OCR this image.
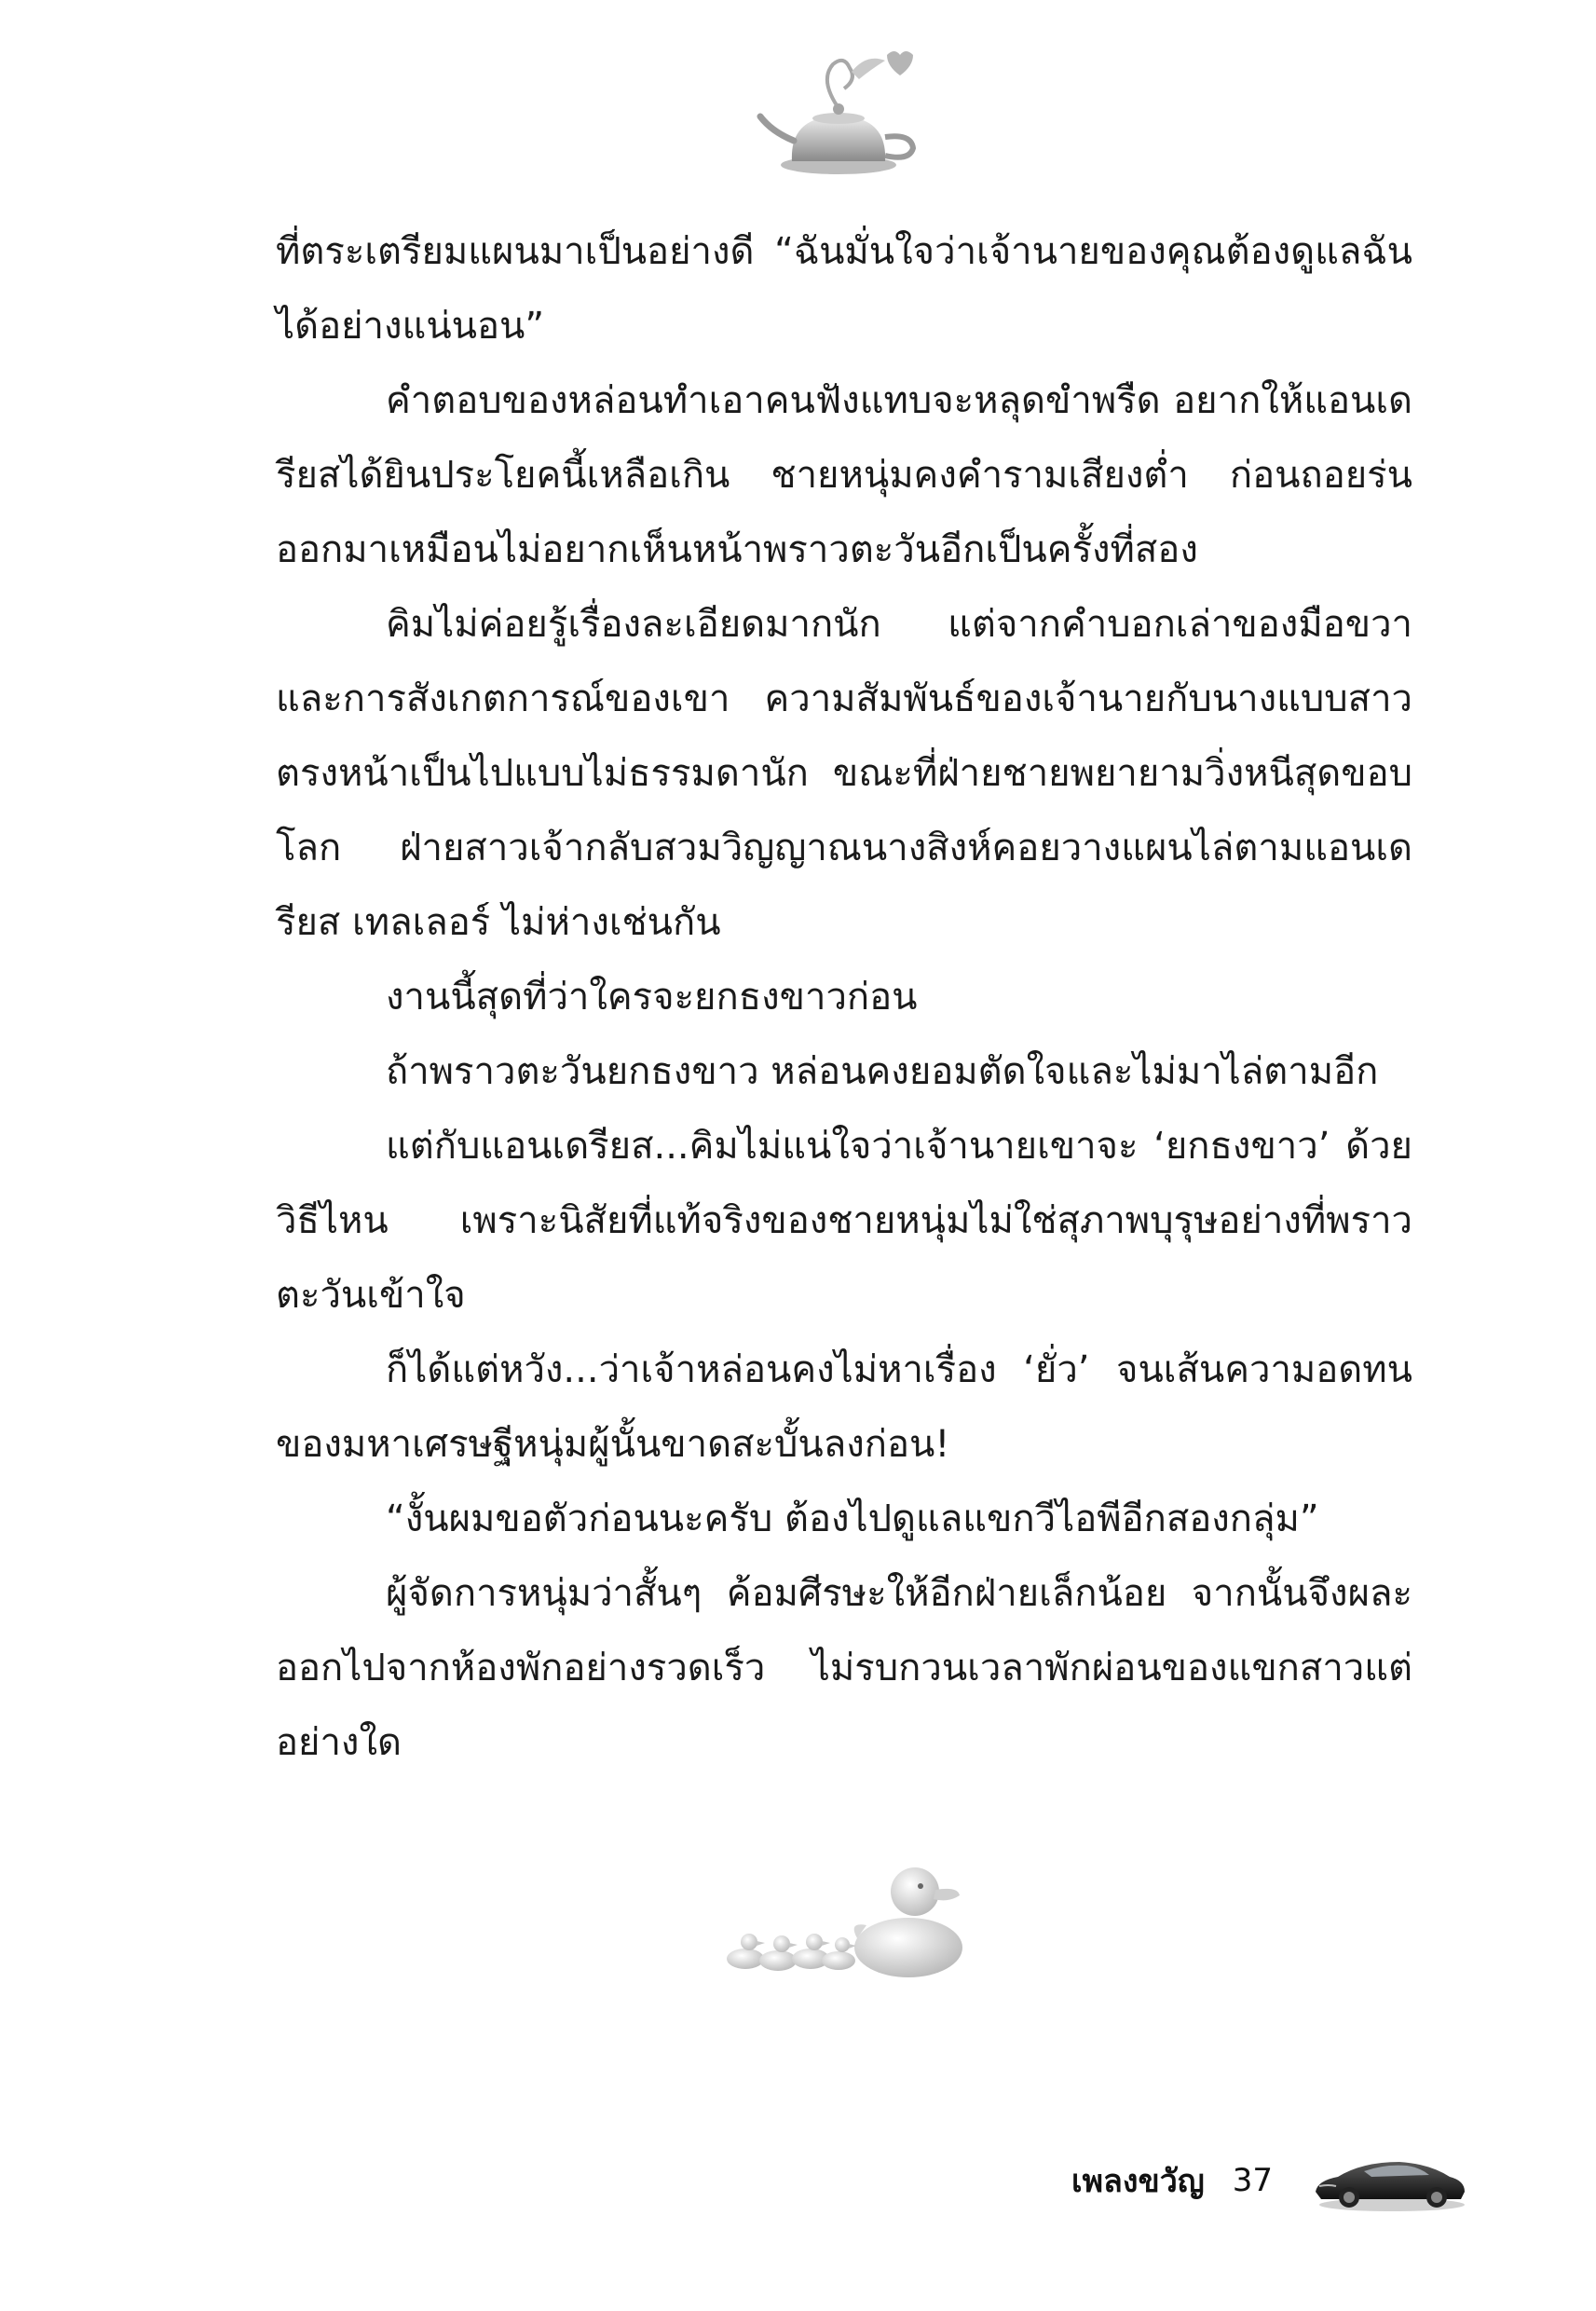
ที่ตระเตรียมแผนมาเป็นอย่างดี “ฉันมั่นใจว่าเจ้านายของคุณต้องดูแลฉันได้อย่างแน่นอน”

คำตอบของหล่อนทำเอาคนฟังแทบจะหลุดขำพรืด อยากให้แอนเดรียสได้ยินประโยคนี้เหลือเกิน ชายหนุ่มคงคำรามเสียงต่ำ ก่อนถอยร่นออกมาเหมือนไม่อยากเห็นหน้าพราวตะวันอีกเป็นครั้งที่สอง

คิมไม่ค่อยรู้เรื่องละเอียดมากนัก แต่จากคำบอกเล่าของมือขวาและการสังเกตการณ์ของเขา ความสัมพันธ์ของเจ้านายกับนางแบบสาวตรงหน้าเป็นไปแบบไม่ธรรมดานัก ขณะที่ฝ่ายชายพยายามวิ่งหนีสุดขอบโลก ฝ่ายสาวเจ้ากลับสวมวิญญาณนางสิงห์คอยวางแผนไล่ตามแอนเดรียส เทลเลอร์ ไม่ห่างเช่นกัน

งานนี้สุดที่ว่าใครจะยกธงขาวก่อน

ถ้าพราวตะวันยกธงขาว หล่อนคงยอมตัดใจและไม่มาไล่ตามอีก

แต่กับแอนเดรียส...คิมไม่แน่ใจว่าเจ้านายเขาจะ ‘ยกธงขาว’ ด้วยวิธีไหน เพราะนิสัยที่แท้จริงของชายหนุ่มไม่ใช่สุภาพบุรุษอย่างที่พราวตะวันเข้าใจ

ก็ได้แต่หวัง...ว่าเจ้าหล่อนคงไม่หาเรื่อง ‘ยั่ว’ จนเส้นความอดทนของมหาเศรษฐีหนุ่มผู้นั้นขาดสะบั้นลงก่อน!

“งั้นผมขอตัวก่อนนะครับ ต้องไปดูแลแขกวีไอพีอีกสองกลุ่ม”

ผู้จัดการหนุ่มว่าสั้นๆ ค้อมศีรษะให้อีกฝ่ายเล็กน้อย จากนั้นจึงผละออกไปจากห้องพักอย่างรวดเร็ว ไม่รบกวนเวลาพักผ่อนของแขกสาวแต่อย่างใด

เพลงขวัญ 37
